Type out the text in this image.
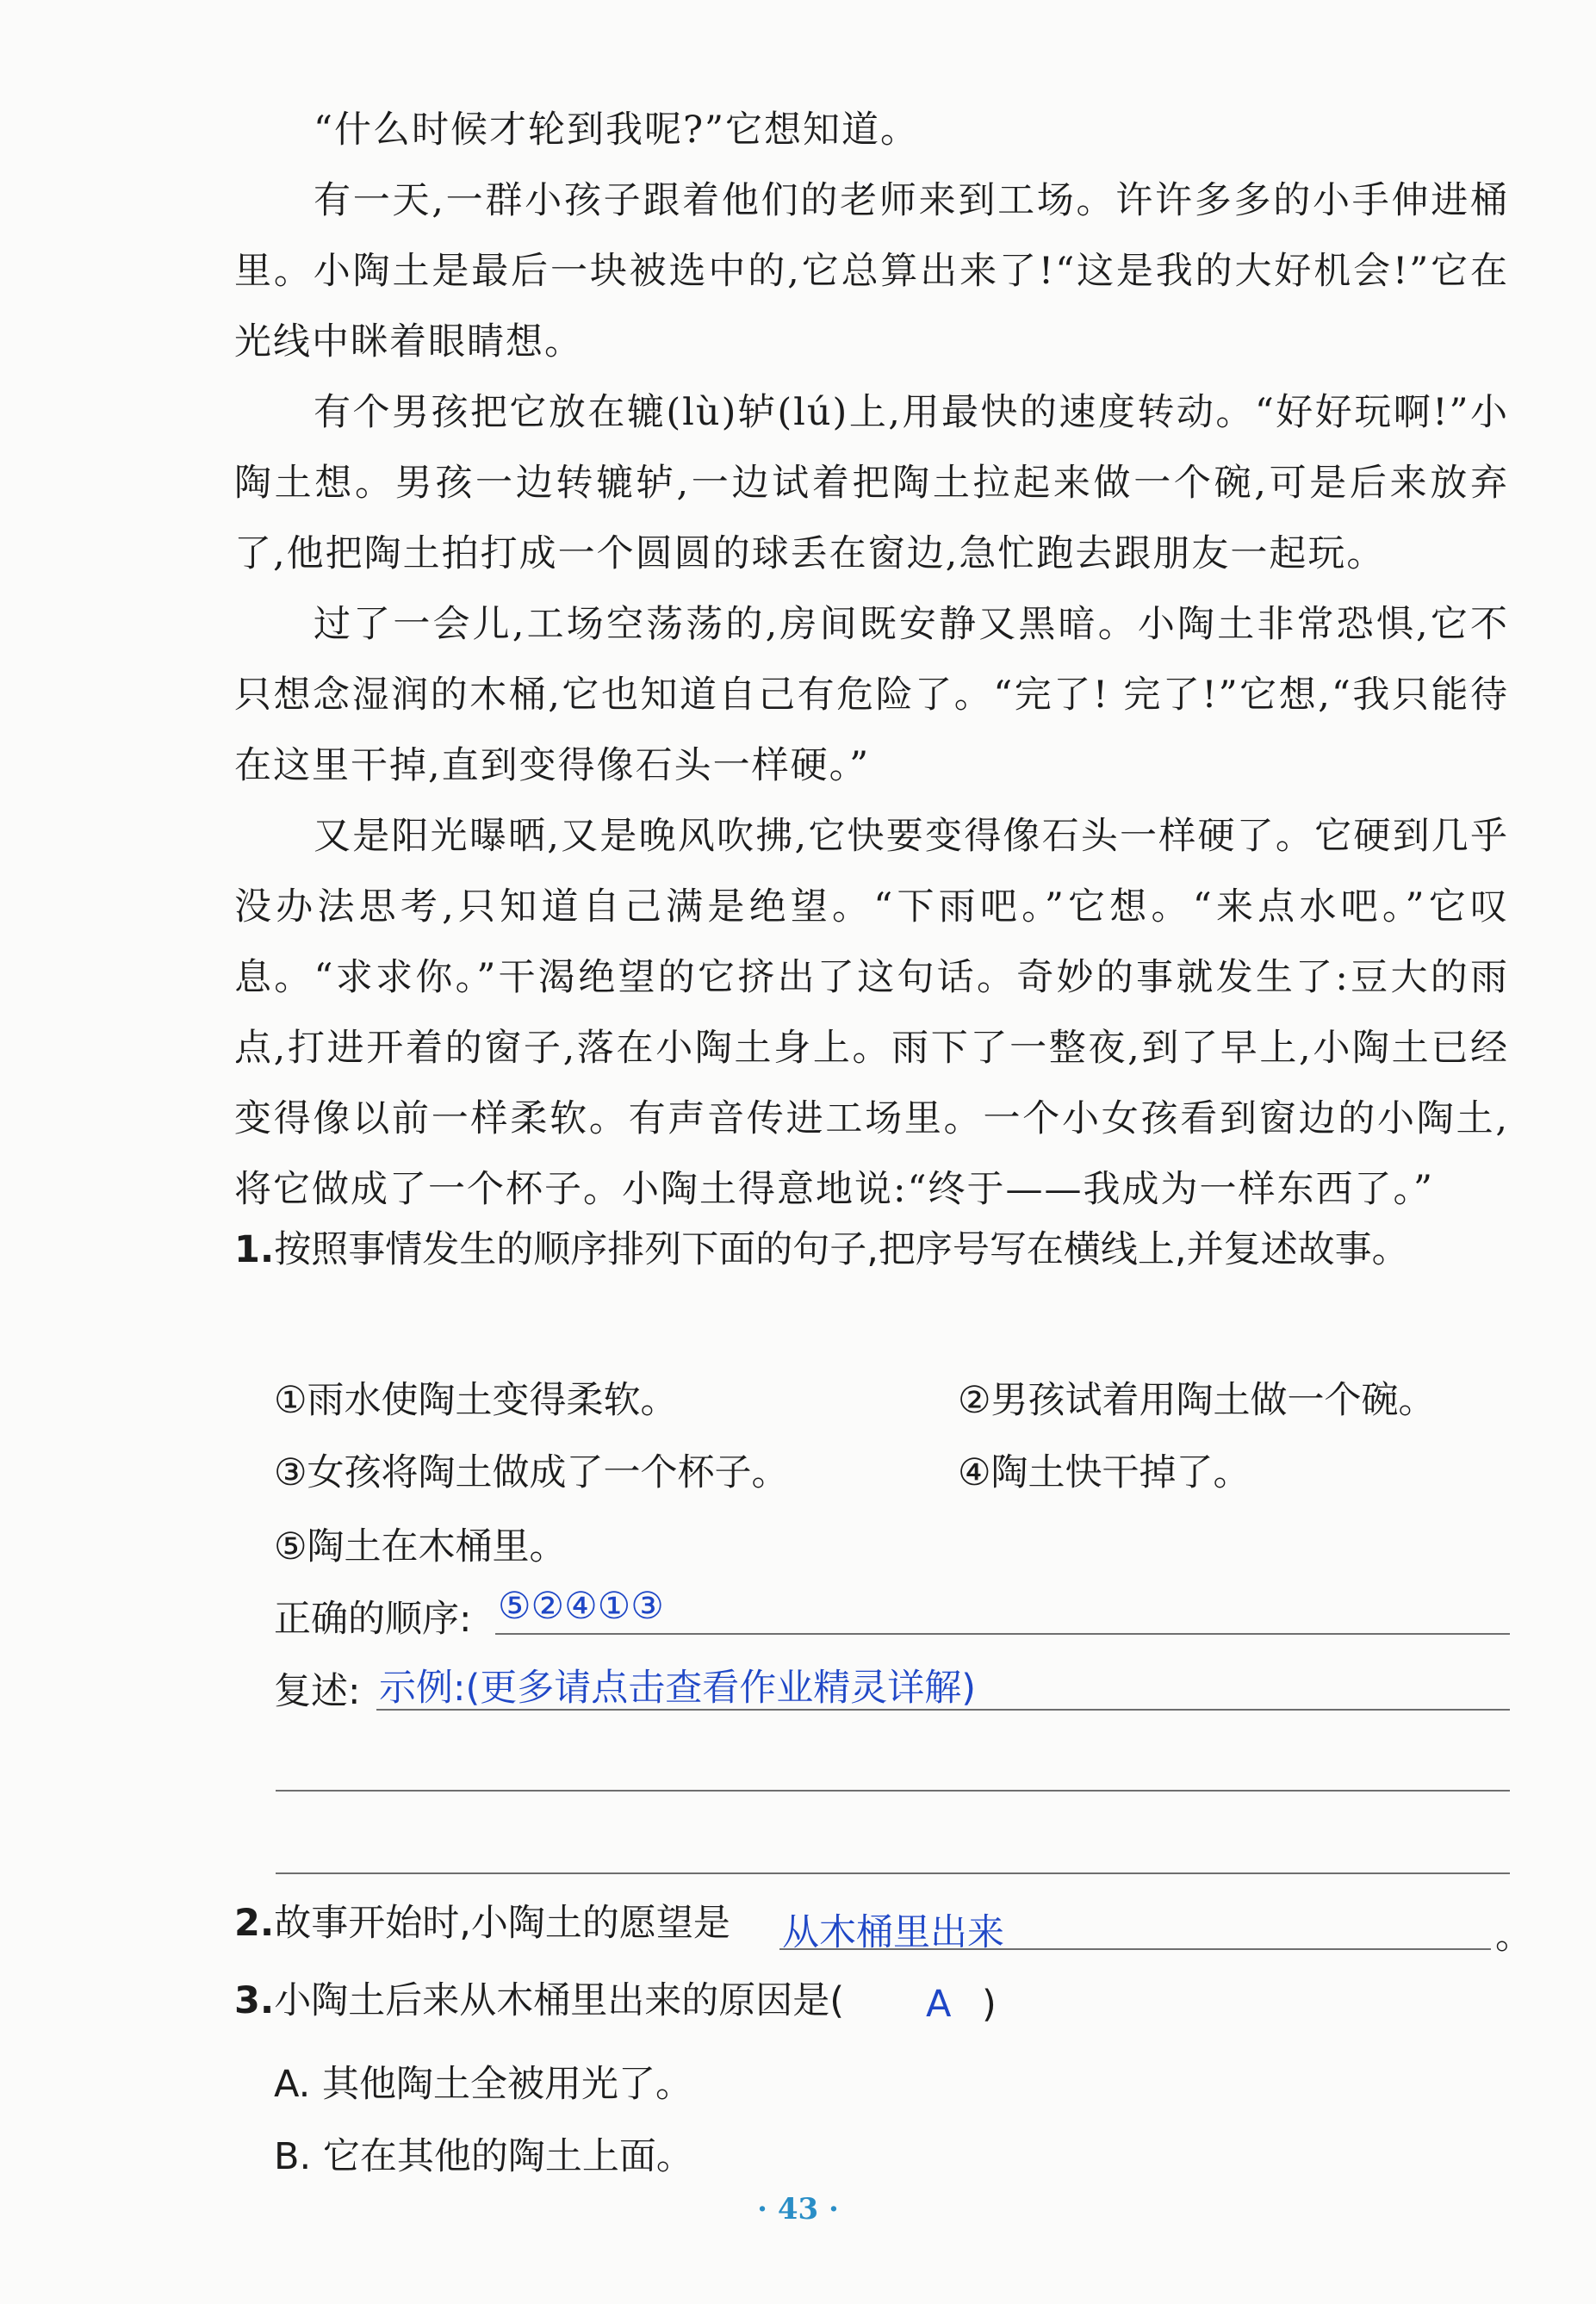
“什么时候才轮到我呢?”它想知道。

有一天,一群小孩子跟着他们的老师来到工场。许许多多的小手伸进桶里。小陶土是最后一块被选中的,它总算出来了!“这是我的大好机会!”它在光线中眯着眼睛想。

有个男孩把它放在辘(lù)轳(lú)上,用最快的速度转动。“好好玩啊!”小陶土想。男孩一边转辘轳,一边试着把陶土拉起来做一个碗,可是后来放弃了,他把陶土拍打成一个圆圆的球丢在窗边,急忙跑去跟朋友一起玩。

过了一会儿,工场空荡荡的,房间既安静又黑暗。小陶土非常恐惧,它不只想念湿润的木桶,它也知道自己有危险了。“完了! 完了!”它想,“我只能待在这里干掉,直到变得像石头一样硬。”

又是阳光曝晒,又是晚风吹拂,它快要变得像石头一样硬了。它硬到几乎没办法思考,只知道自己满是绝望。“下雨吧。”它想。“来点水吧。”它叹息。“求求你。”干渴绝望的它挤出了这句话。奇妙的事就发生了:豆大的雨点,打进开着的窗子,落在小陶土身上。雨下了一整夜,到了早上,小陶土已经变得像以前一样柔软。有声音传进工场里。一个小女孩看到窗边的小陶土,将它做成了一个杯子。小陶土得意地说:“终于——我成为一样东西了。”

1.按照事情发生的顺序排列下面的句子,把序号写在横线上,并复述故事。
①雨水使陶土变得柔软。	②男孩试着用陶土做一个碗。
③女孩将陶土做成了一个杯子。	④陶土快干掉了。
⑤陶土在木桶里。
正确的顺序: ⑤②④①③
复述: 示例:(更多请点击查看作业精灵详解)
2.故事开始时,小陶土的愿望是	从木桶里出来	。
3.小陶土后来从木桶里出来的原因是(	A )
A. 其他陶土全被用光了。
B. 它在其他的陶土上面。
· 43 ·
